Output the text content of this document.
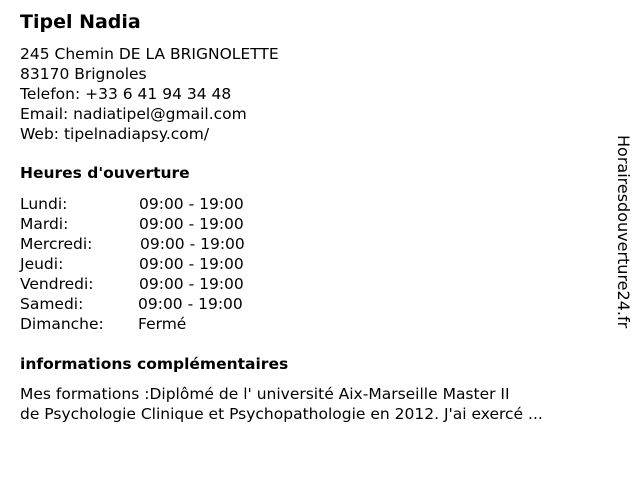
Tipel Nadia
245 Chemin DE LA BRIGNOLETTE
83170 Brignoles
Telefon: +33 6 41 94 34 48
Email: nadiatipel@gmail.com
Web: tipelnadiapsy.com/
Heures d'ouverture
Lundi:	09:00 - 19:00
Mardi:	09:00 - 19:00
Mercredi:	09:00 - 19:00
Jeudi:	09:00 - 19:00
Vendredi:	09:00 - 19:00
Samedi:	09:00 - 19:00
Dimanche: Fermé
informations complémentaires
Mes formations :Diplômé de l' université Aix-Marseille Master II
de Psychologie Clinique et Psychopathologie en 2012. J'ai exercé ...
Horairesdouverture24.fr
